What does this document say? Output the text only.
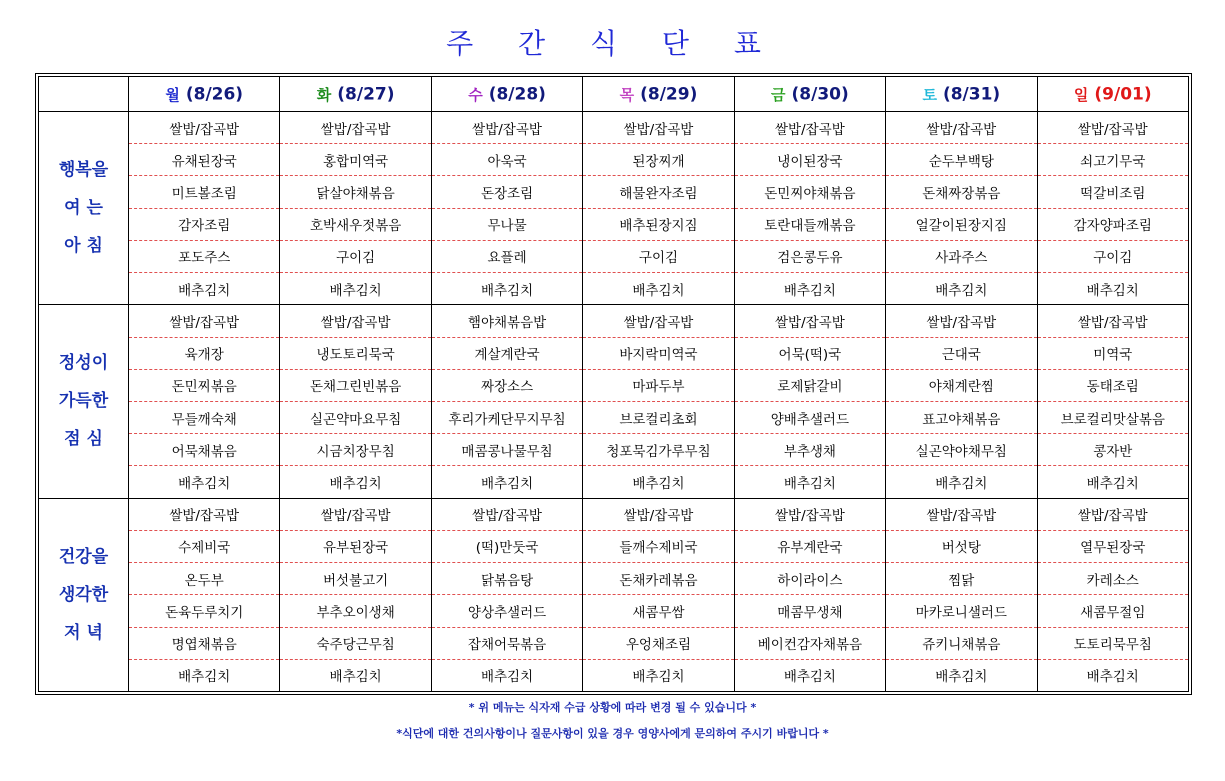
주 간 식 단 표
	월 (8/26)	화 (8/27)	수 (8/28)	목 (8/29)	금 (8/30)	토 (8/31)	일 (9/01)

행복을
여 는
아 침	쌀밥/잡곡밥	쌀밥/잡곡밥	쌀밥/잡곡밥	쌀밥/잡곡밥	쌀밥/잡곡밥	쌀밥/잡곡밥	쌀밥/잡곡밥
	유채된장국	홍합미역국	아욱국	된장찌개	냉이된장국	순두부백탕	쇠고기무국
	미트볼조림	닭살야채볶음	돈장조림	해물완자조림	돈민찌야채볶음	돈채짜장볶음	떡갈비조림
	감자조림	호박새우젓볶음	무나물	배추된장지짐	토란대들깨볶음	얼갈이된장지짐	감자양파조림
	포도주스	구이김	요플레	구이김	검은콩두유	사과주스	구이김
	배추김치	배추김치	배추김치	배추김치	배추김치	배추김치	배추김치

정성이
가득한
점 심	쌀밥/잡곡밥	쌀밥/잡곡밥	햄야채볶음밥	쌀밥/잡곡밥	쌀밥/잡곡밥	쌀밥/잡곡밥	쌀밥/잡곡밥
	육개장	냉도토리묵국	계살계란국	바지락미역국	어묵(떡)국	근대국	미역국
	돈민찌볶음	돈채그린빈볶음	짜장소스	마파두부	로제닭갈비	야채계란찜	동태조림
	무들깨숙채	실곤약마요무침	후리가케단무지무침	브로컬리초회	양배추샐러드	표고야채볶음	브로컬리맛살볶음
	어묵채볶음	시금치장무침	매콤콩나물무침	청포묵김가루무침	부추생채	실곤약야채무침	콩자반
	배추김치	배추김치	배추김치	배추김치	배추김치	배추김치	배추김치

건강을
생각한
저 녁	쌀밥/잡곡밥	쌀밥/잡곡밥	쌀밥/잡곡밥	쌀밥/잡곡밥	쌀밥/잡곡밥	쌀밥/잡곡밥	쌀밥/잡곡밥
	수제비국	유부된장국	(떡)만둣국	들깨수제비국	유부계란국	버섯탕	열무된장국
	온두부	버섯불고기	닭볶음탕	돈채카레볶음	하이라이스	찜닭	카레소스
	돈육두루치기	부추오이생채	양상추샐러드	새콤무쌈	매콤무생채	마카로니샐러드	새콤무절임
	명엽채볶음	숙주당근무침	잡채어묵볶음	우엉채조림	베이컨감자채볶음	쥬키니채볶음	도토리묵무침
	배추김치	배추김치	배추김치	배추김치	배추김치	배추김치	배추김치
* 위 메뉴는 식자재 수급 상황에 따라 변경 될 수 있습니다 *
*식단에 대한 건의사항이나 질문사항이 있을 경우 영양사에게 문의하여 주시기 바랍니다 *
